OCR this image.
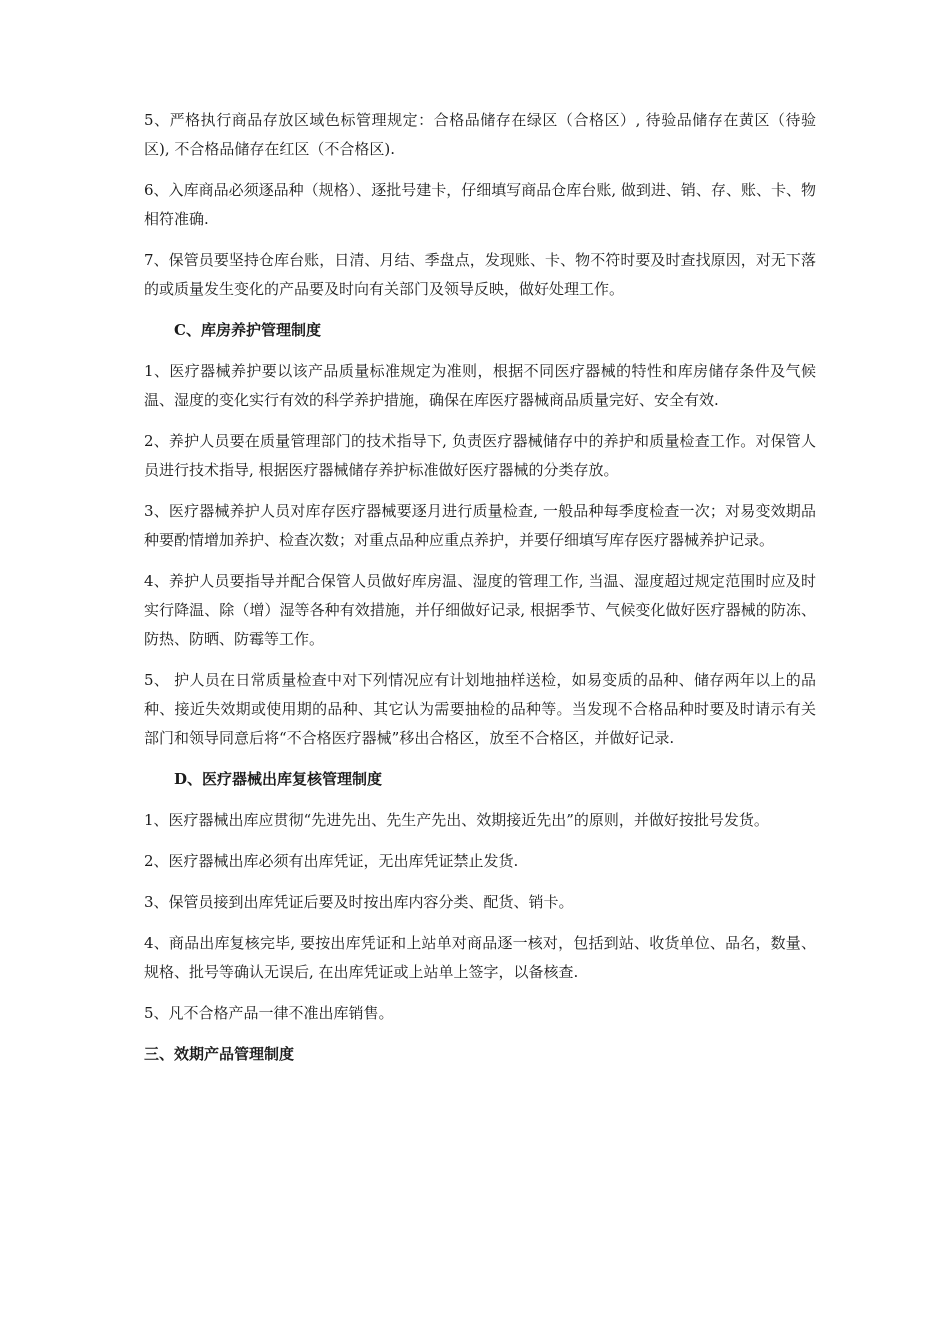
5、严格执行商品存放区域色标管理规定：合格品储存在绿区（合格区）, 待验品储存在黄区（待验区), 不合格品储存在红区（不合格区).

6、入库商品必须逐品种（规格）、逐批号建卡，仔细填写商品仓库台账, 做到进、销、存、账、卡、物相符准确.

7、保管员要坚持仓库台账，日清、月结、季盘点，发现账、卡、物不符时要及时查找原因，对无下落的或质量发生变化的产品要及时向有关部门及领导反映，做好处理工作。

C、库房养护管理制度

1、医疗器械养护要以该产品质量标准规定为准则，根据不同医疗器械的特性和库房储存条件及气候温、湿度的变化实行有效的科学养护措施，确保在库医疗器械商品质量完好、安全有效.

2、养护人员要在质量管理部门的技术指导下, 负责医疗器械储存中的养护和质量检查工作。对保管人员进行技术指导, 根据医疗器械储存养护标准做好医疗器械的分类存放。

3、医疗器械养护人员对库存医疗器械要逐月进行质量检查, 一般品种每季度检查一次；对易变效期品种要酌情增加养护、检查次数；对重点品种应重点养护，并要仔细填写库存医疗器械养护记录。

4、养护人员要指导并配合保管人员做好库房温、湿度的管理工作, 当温、湿度超过规定范围时应及时实行降温、除（增）湿等各种有效措施，并仔细做好记录, 根据季节、气候变化做好医疗器械的防冻、防热、防晒、防霉等工作。

5、 护人员在日常质量检查中对下列情况应有计划地抽样送检，如易变质的品种、储存两年以上的品种、接近失效期或使用期的品种、其它认为需要抽检的品种等。当发现不合格品种时要及时请示有关部门和领导同意后将“不合格医疗器械”移出合格区，放至不合格区，并做好记录.

D、医疗器械出库复核管理制度

1、医疗器械出库应贯彻“先进先出、先生产先出、效期接近先出”的原则，并做好按批号发货。

2、医疗器械出库必须有出库凭证，无出库凭证禁止发货.

3、保管员接到出库凭证后要及时按出库内容分类、配货、销卡。

4、商品出库复核完毕, 要按出库凭证和上站单对商品逐一核对，包括到站、收货单位、品名，数量、规格、批号等确认无误后, 在出库凭证或上站单上签字，以备核查.

5、凡不合格产品一律不准出库销售。

三、效期产品管理制度
